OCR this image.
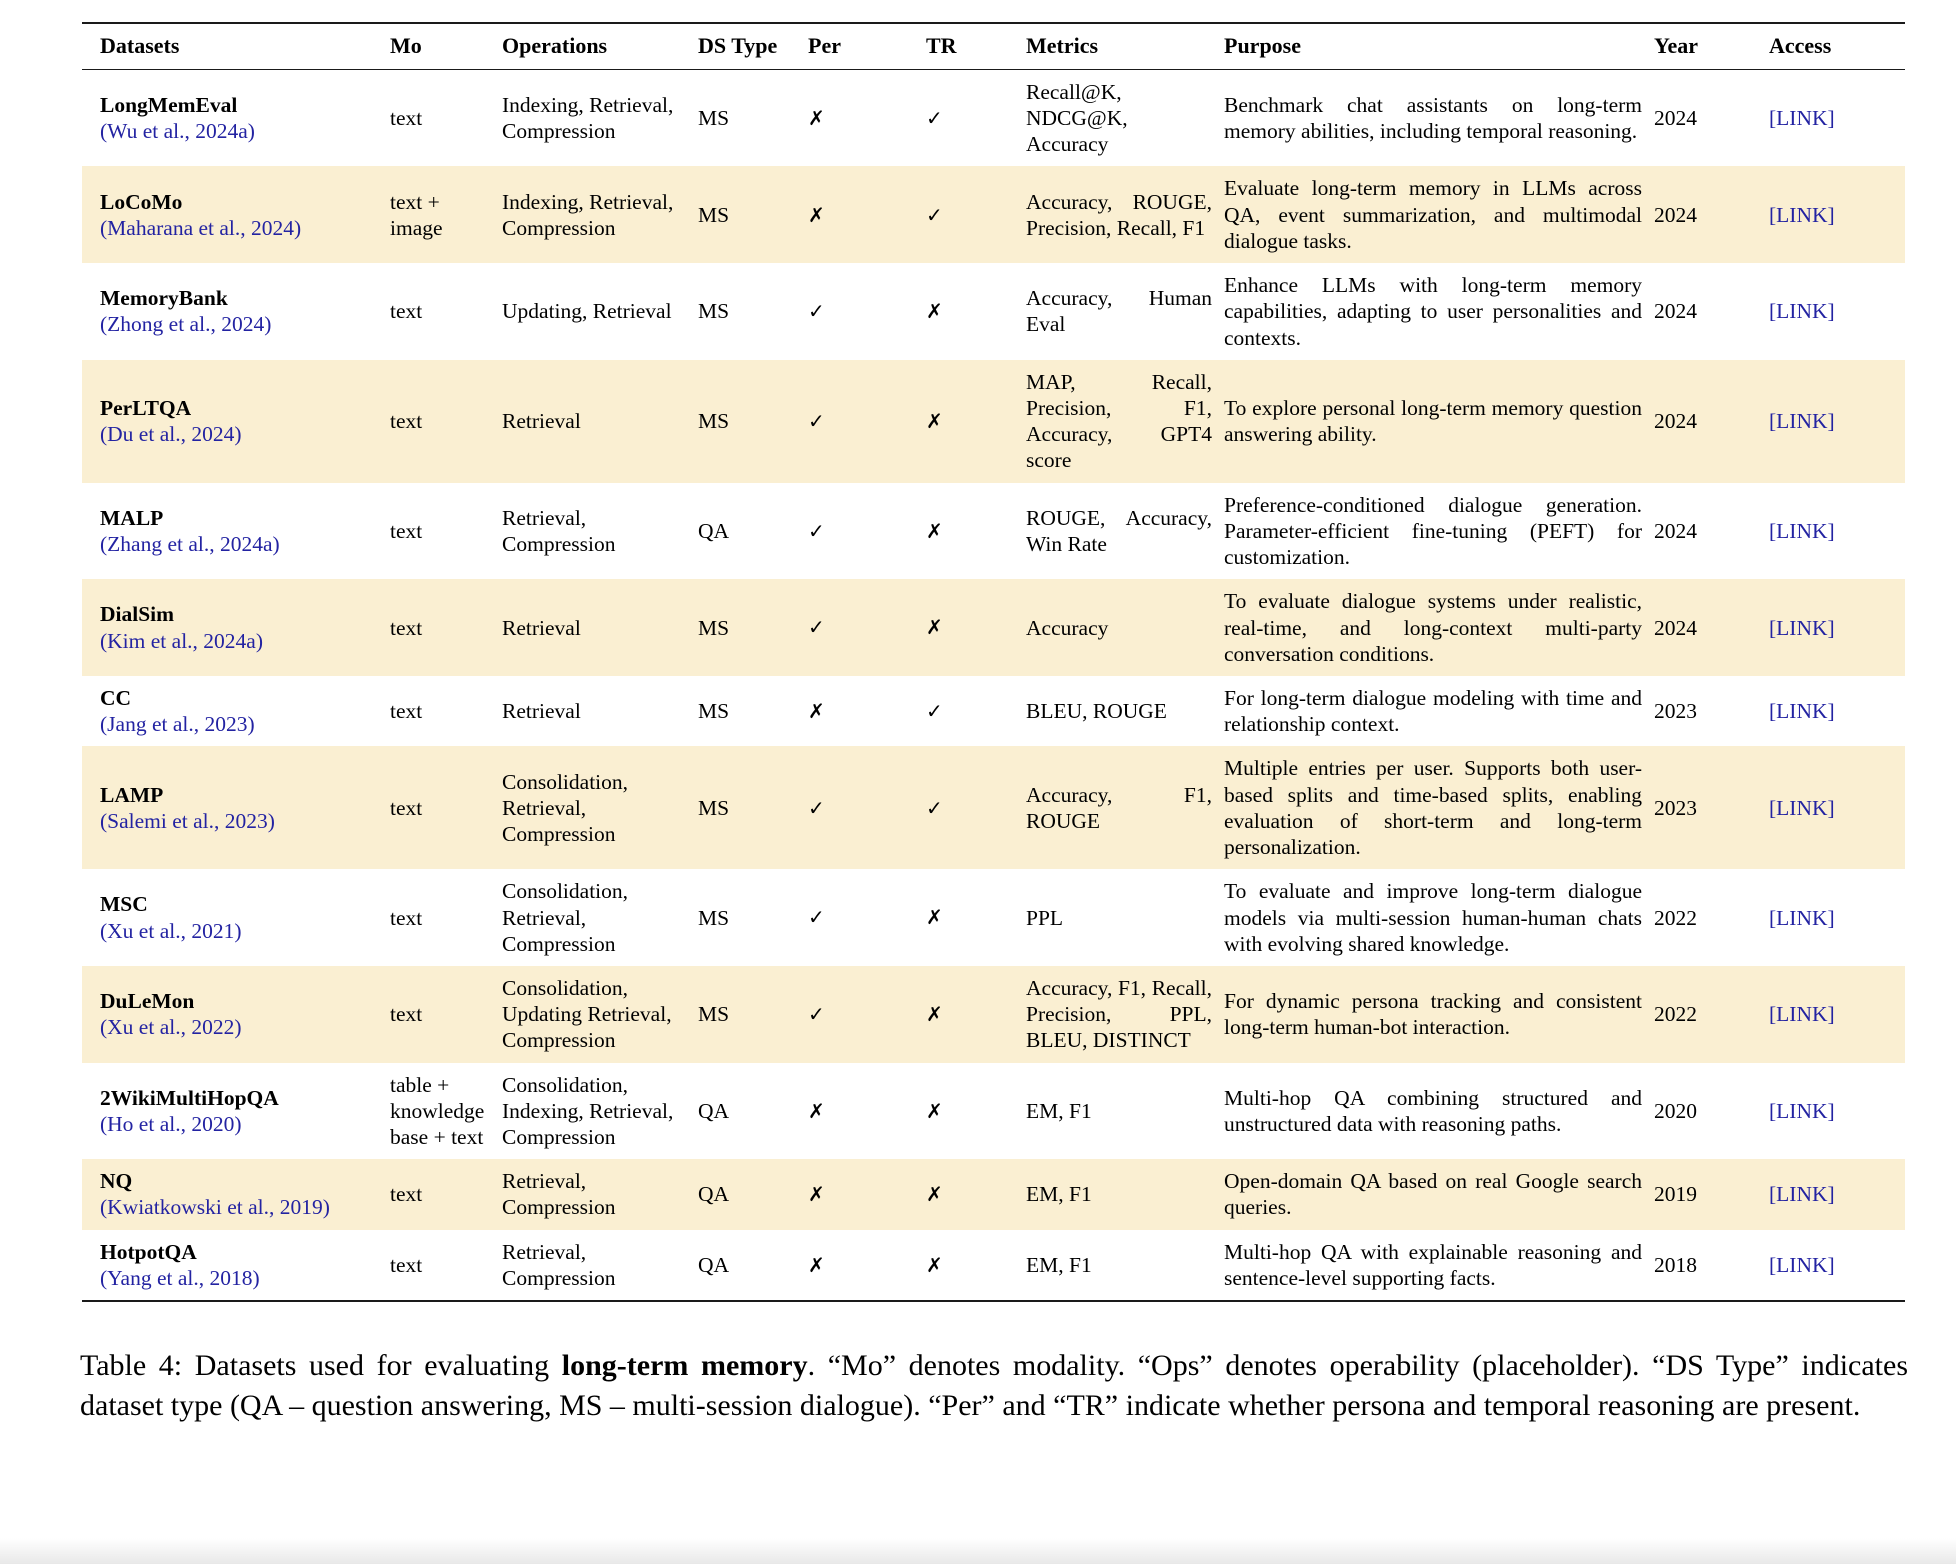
Datasets	Mo	Operations	DS Type	Per	TR	Metrics	Purpose	Year	Access

LongMemEval
(Wu et al., 2024a)	text	Indexing, Retrieval, Compression	MS	✗	✓	Recall@K, NDCG@K, Accuracy	Benchmark chat assistants on long-term memory abilities, including temporal reasoning.	2024	[LINK]

LoCoMo
(Maharana et al., 2024)	text + image	Indexing, Retrieval, Compression	MS	✗	✓	Accuracy, ROUGE, Precision, Recall, F1	Evaluate long-term memory in LLMs across QA, event summarization, and multimodal dialogue tasks.	2024	[LINK]

MemoryBank
(Zhong et al., 2024)	text	Updating, Retrieval	MS	✓	✗	Accuracy, Human Eval	Enhance LLMs with long-term memory capabilities, adapting to user personalities and contexts.	2024	[LINK]

PerLTQA
(Du et al., 2024)	text	Retrieval	MS	✓	✗	MAP, Recall, Precision, F1, Accuracy, GPT4 score	To explore personal long-term memory question answering ability.	2024	[LINK]

MALP
(Zhang et al., 2024a)	text	Retrieval, Compression	QA	✓	✗	ROUGE, Accuracy, Win Rate	Preference-conditioned dialogue generation. Parameter-efficient fine-tuning (PEFT) for customization.	2024	[LINK]

DialSim
(Kim et al., 2024a)	text	Retrieval	MS	✓	✗	Accuracy	To evaluate dialogue systems under realistic, real-time, and long-context multi-party conversation conditions.	2024	[LINK]

CC
(Jang et al., 2023)	text	Retrieval	MS	✗	✓	BLEU, ROUGE	For long-term dialogue modeling with time and relationship context.	2023	[LINK]

LAMP
(Salemi et al., 2023)	text	Consolidation, Retrieval, Compression	MS	✓	✓	Accuracy, F1, ROUGE	Multiple entries per user. Supports both user-based splits and time-based splits, enabling evaluation of short-term and long-term personalization.	2023	[LINK]

MSC
(Xu et al., 2021)	text	Consolidation, Retrieval, Compression	MS	✓	✗	PPL	To evaluate and improve long-term dialogue models via multi-session human-human chats with evolving shared knowledge.	2022	[LINK]

DuLeMon
(Xu et al., 2022)	text	Consolidation, Updating Retrieval, Compression	MS	✓	✗	Accuracy, F1, Recall, Precision, PPL, BLEU, DISTINCT	For dynamic persona tracking and consistent long-term human-bot interaction.	2022	[LINK]

2WikiMultiHopQA
(Ho et al., 2020)	table + knowledge base + text	Consolidation, Indexing, Retrieval, Compression	QA	✗	✗	EM, F1	Multi-hop QA combining structured and unstructured data with reasoning paths.	2020	[LINK]

NQ
(Kwiatkowski et al., 2019)	text	Retrieval, Compression	QA	✗	✗	EM, F1	Open-domain QA based on real Google search queries.	2019	[LINK]

HotpotQA
(Yang et al., 2018)	text	Retrieval, Compression	QA	✗	✗	EM, F1	Multi-hop QA with explainable reasoning and sentence-level supporting facts.	2018	[LINK]

Table 4: Datasets used for evaluating long-term memory. “Mo” denotes modality. “Ops” denotes operability (placeholder). “DS Type” indicates dataset type (QA – question answering, MS – multi-session dialogue). “Per” and “TR” indicate whether persona and temporal reasoning are present.
